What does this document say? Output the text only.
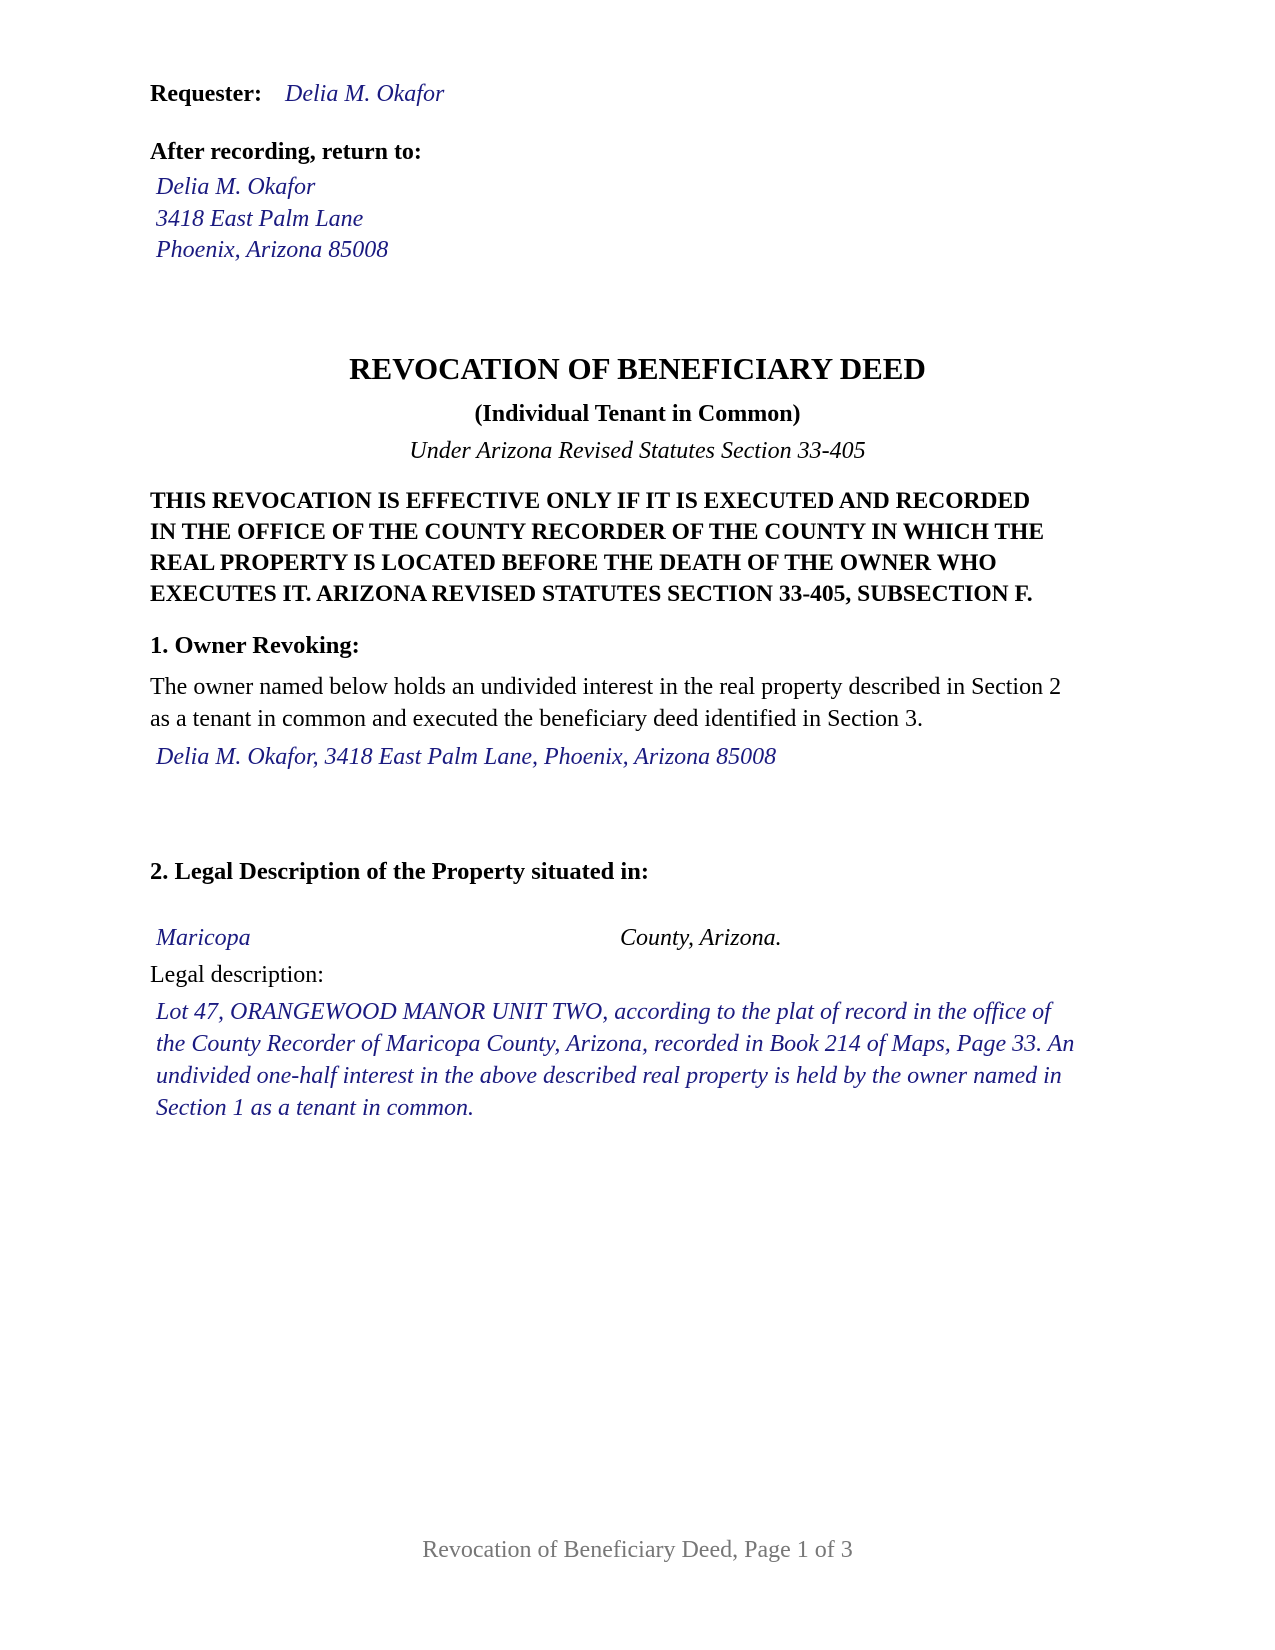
Requester: Delia M. Okafor
After recording, return to:
Delia M. Okafor
3418 East Palm Lane
Phoenix, Arizona 85008
REVOCATION OF BENEFICIARY DEED
(Individual Tenant in Common)
Under Arizona Revised Statutes Section 33-405
THIS REVOCATION IS EFFECTIVE ONLY IF IT IS EXECUTED AND RECORDED
IN THE OFFICE OF THE COUNTY RECORDER OF THE COUNTY IN WHICH THE
REAL PROPERTY IS LOCATED BEFORE THE DEATH OF THE OWNER WHO
EXECUTES IT. ARIZONA REVISED STATUTES SECTION 33-405, SUBSECTION F.
1. Owner Revoking:
The owner named below holds an undivided interest in the real property described in Section 2
as a tenant in common and executed the beneficiary deed identified in Section 3.
Delia M. Okafor, 3418 East Palm Lane, Phoenix, Arizona 85008
2. Legal Description of the Property situated in:
Maricopa	County, Arizona.
Legal description:
Lot 47, ORANGEWOOD MANOR UNIT TWO, according to the plat of record in the office of
the County Recorder of Maricopa County, Arizona, recorded in Book 214 of Maps, Page 33. An
undivided one-half interest in the above described real property is held by the owner named in
Section 1 as a tenant in common.
Revocation of Beneficiary Deed, Page 1 of 3
